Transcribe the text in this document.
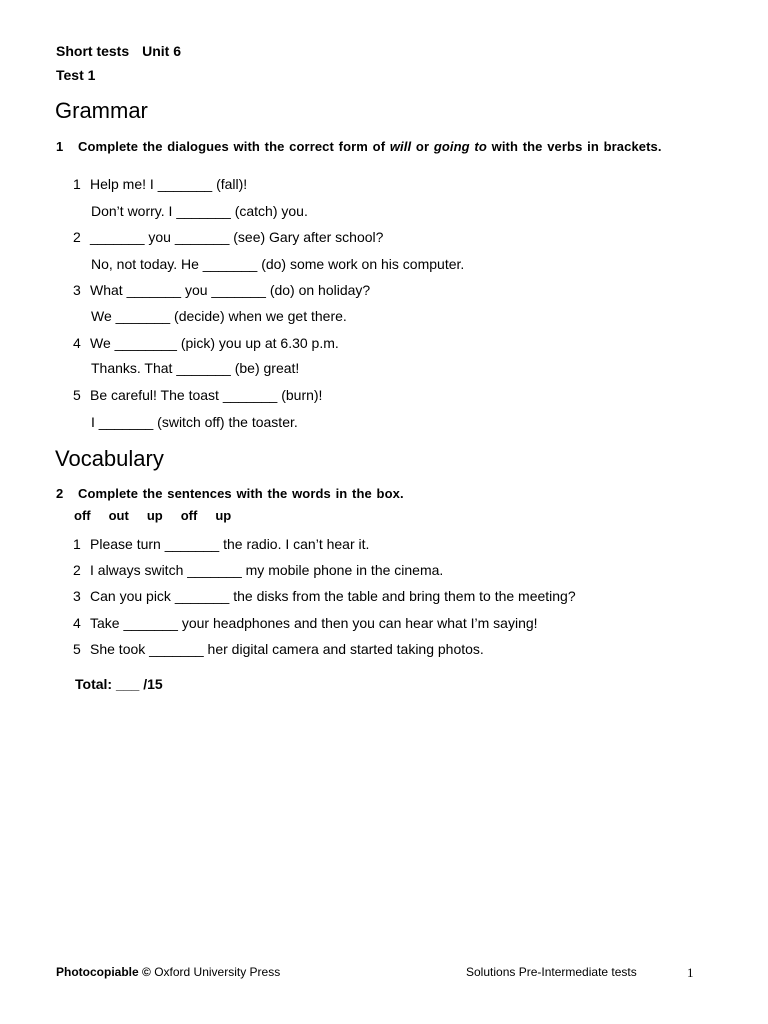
Short tests Unit 6
Test 1
Grammar
1 Complete the dialogues with the correct form of will or going to with the verbs in brackets.
1 Help me! I _______ (fall)!
Don’t worry. I _______ (catch) you.
2 _______ you _______ (see) Gary after school?
No, not today. He _______ (do) some work on his computer.
3 What _______ you _______ (do) on holiday?
We _______ (decide) when we get there.
4 We ________ (pick) you up at 6.30 p.m.
Thanks. That _______ (be) great!
5 Be careful! The toast _______ (burn)!
I _______ (switch off) the toaster.
Vocabulary
2 Complete the sentences with the words in the box.
off out up off up
1 Please turn _______ the radio. I can’t hear it.
2 I always switch _______ my mobile phone in the cinema.
3 Can you pick _______ the disks from the table and bring them to the meeting?
4 Take _______ your headphones and then you can hear what I’m saying!
5 She took _______ her digital camera and started taking photos.
Total: ___ /15
Photocopiable © Oxford University Press	Solutions Pre-Intermediate tests	1
